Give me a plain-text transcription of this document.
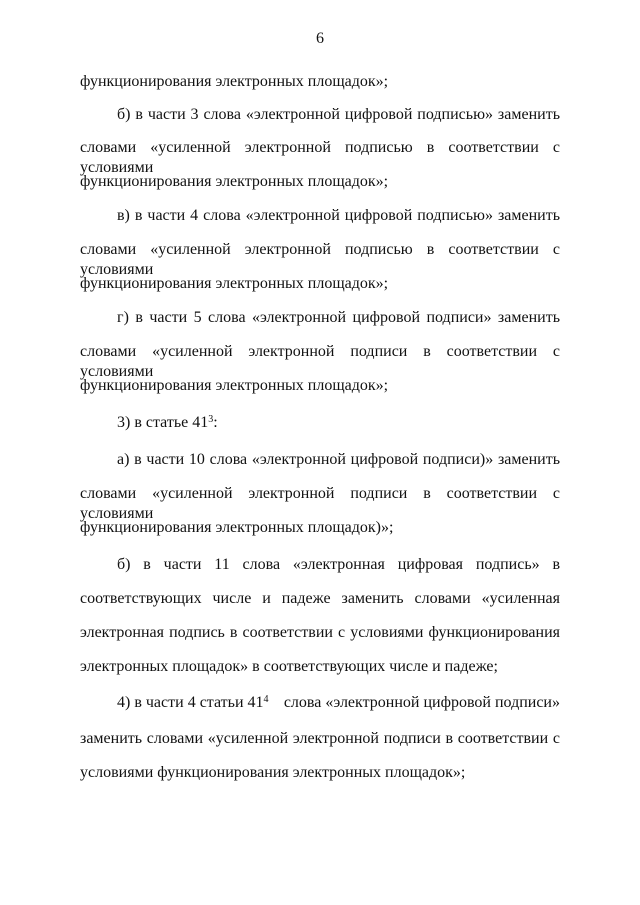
6
функционирования электронных площадок»;
б) в части 3 слова «электронной цифровой подписью» заменить
словами «усиленной электронной подписью в соответствии с условиями
функционирования электронных площадок»;
в) в части 4 слова «электронной цифровой подписью» заменить
словами «усиленной электронной подписью в соответствии с условиями
функционирования электронных площадок»;
г) в части 5 слова «электронной цифровой подписи» заменить
словами «усиленной электронной подписи в соответствии с условиями
функционирования электронных площадок»;
3) в статье $41^3$:
а) в части 10 слова «электронной цифровой подписи)» заменить
словами «усиленной электронной подписи в соответствии с условиями
функционирования электронных площадок)»;
б) в части 11 слова «электронная цифровая подпись» в
соответствующих числе и падеже заменить словами «усиленная
электронная подпись в соответствии с условиями функционирования
электронных площадок» в соответствующих числе и падеже;
4) в части 4 статьи $41^4$ слова «электронной цифровой подписи»
заменить словами «усиленной электронной подписи в соответствии с
условиями функционирования электронных площадок»;
